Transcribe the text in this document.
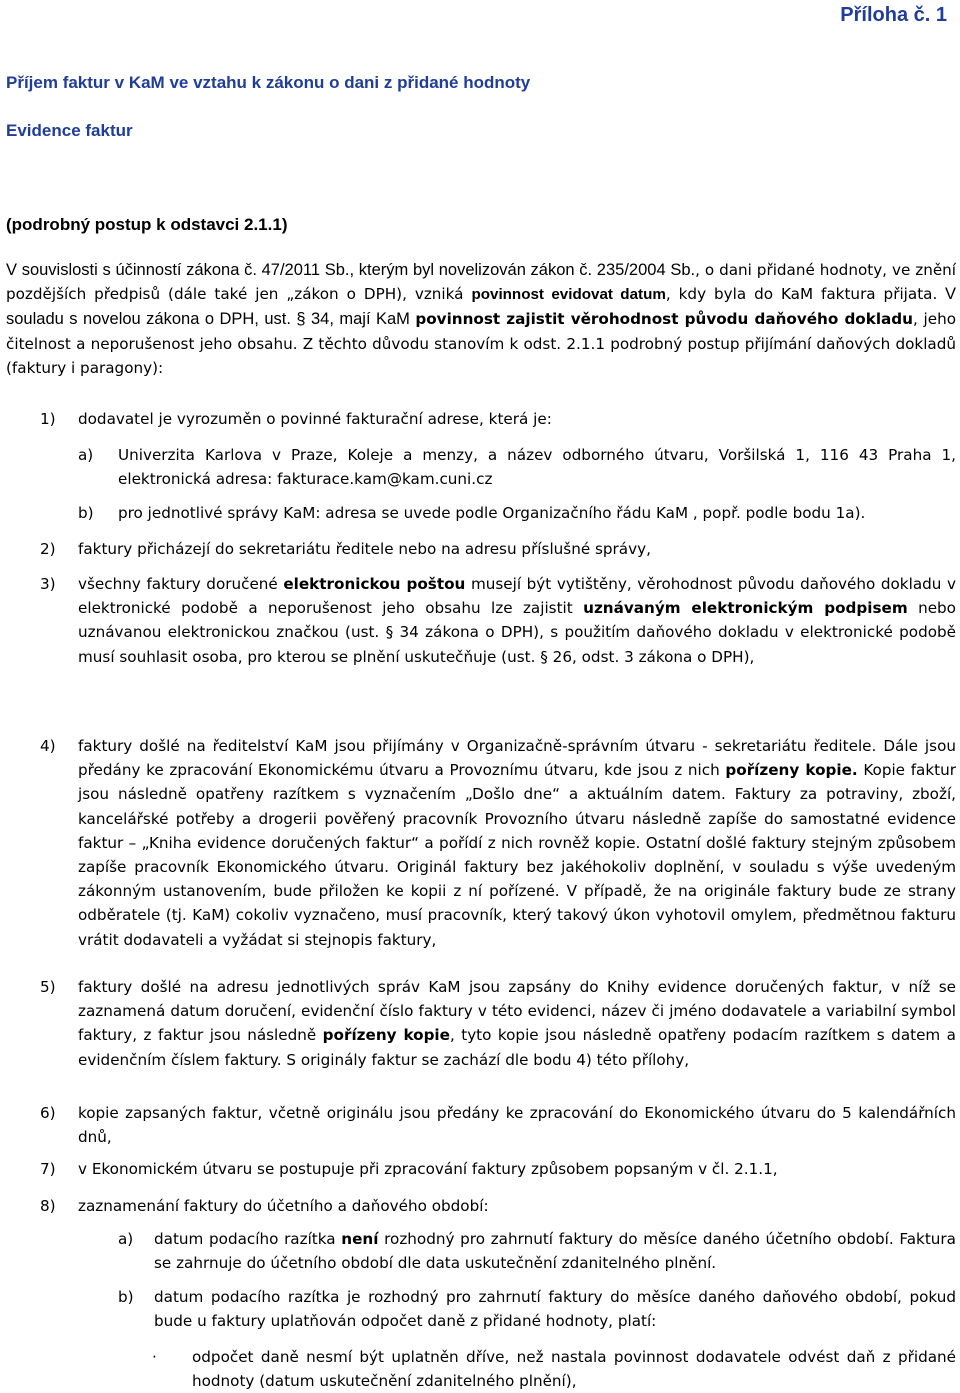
Příloha č. 1
Příjem faktur v KaM ve vztahu k zákonu o dani z přidané hodnoty
Evidence faktur
(podrobný postup k odstavci 2.1.1)
V souvislosti s účinností zákona č. 47/2011 Sb., kterým byl novelizován zákon č. 235/2004 Sb., o dani přidané hodnoty, ve znění pozdějších předpisů (dále také jen „zákon o DPH), vzniká povinnost evidovat datum, kdy byla do KaM faktura přijata. V souladu s novelou zákona o DPH, ust. § 34, mají KaM povinnost zajistit věrohodnost původu daňového dokladu, jeho čitelnost a neporušenost jeho obsahu. Z těchto důvodu stanovím k odst. 2.1.1 podrobný postup přijímání daňových dokladů (faktury i paragony):
1) dodavatel je vyrozuměn o povinné fakturační adrese, která je:
a)	Univerzita Karlova v Praze, Koleje a menzy, a název odborného útvaru, Voršilská 1, 116 43 Praha 1, elektronická adresa: fakturace.kam@kam.cuni.cz
b)	pro jednotlivé správy KaM: adresa se uvede podle Organizačního řádu KaM , popř. podle bodu 1a).
2) faktury přicházejí do sekretariátu ředitele nebo na adresu příslušné správy,
3) všechny faktury doručené elektronickou poštou musejí být vytištěny, věrohodnost původu daňového dokladu v elektronické podobě a neporušenost jeho obsahu lze zajistit uznávaným elektronickým podpisem nebo uznávanou elektronickou značkou (ust. § 34 zákona o DPH), s použitím daňového dokladu v elektronické podobě musí souhlasit osoba, pro kterou se plnění uskutečňuje (ust. § 26, odst. 3 zákona o DPH),
4) faktury došlé na ředitelství KaM jsou přijímány v Organizačně-správním útvaru - sekretariátu ředitele. Dále jsou předány ke zpracování Ekonomickému útvaru a Provoznímu útvaru, kde jsou z nich pořízeny kopie. Kopie faktur jsou následně opatřeny razítkem s vyznačením „Došlo dne“ a aktuálním datem. Faktury za potraviny, zboží, kancelářské potřeby a drogerii pověřený pracovník Provozního útvaru následně zapíše do samostatné evidence faktur – „Kniha evidence doručených faktur“ a pořídí z nich rovněž kopie. Ostatní došlé faktury stejným způsobem zapíše pracovník Ekonomického útvaru. Originál faktury bez jakéhokoliv doplnění, v souladu s výše uvedeným zákonným ustanovením, bude přiložen ke kopii z ní pořízené. V případě, že na originále faktury bude ze strany odběratele (tj. KaM) cokoliv vyznačeno, musí pracovník, který takový úkon vyhotovil omylem, předmětnou fakturu vrátit dodavateli a vyžádat si stejnopis faktury,
5) faktury došlé na adresu jednotlivých správ KaM jsou zapsány do Knihy evidence doručených faktur, v níž se zaznamená datum doručení, evidenční číslo faktury v této evidenci, název či jméno dodavatele a variabilní symbol faktury, z faktur jsou následně pořízeny kopie, tyto kopie jsou následně opatřeny podacím razítkem s datem a evidenčním číslem faktury. S originály faktur se zachází dle bodu 4) této přílohy,
6) kopie zapsaných faktur, včetně originálu jsou předány ke zpracování do Ekonomického útvaru do 5 kalendářních dnů,
7) v Ekonomickém útvaru se postupuje při zpracování faktury způsobem popsaným v čl. 2.1.1,
8) zaznamenání faktury do účetního a daňového období:
a)	datum podacího razítka není rozhodný pro zahrnutí faktury do měsíce daného účetního období. Faktura se zahrnuje do účetního období dle data uskutečnění zdanitelného plnění.
b)	datum podacího razítka je rozhodný pro zahrnutí faktury do měsíce daného daňového období, pokud bude u faktury uplatňován odpočet daně z přidané hodnoty, platí:
·	odpočet daně nesmí být uplatněn dříve, než nastala povinnost dodavatele odvést daň z přidané hodnoty (datum uskutečnění zdanitelného plnění),
